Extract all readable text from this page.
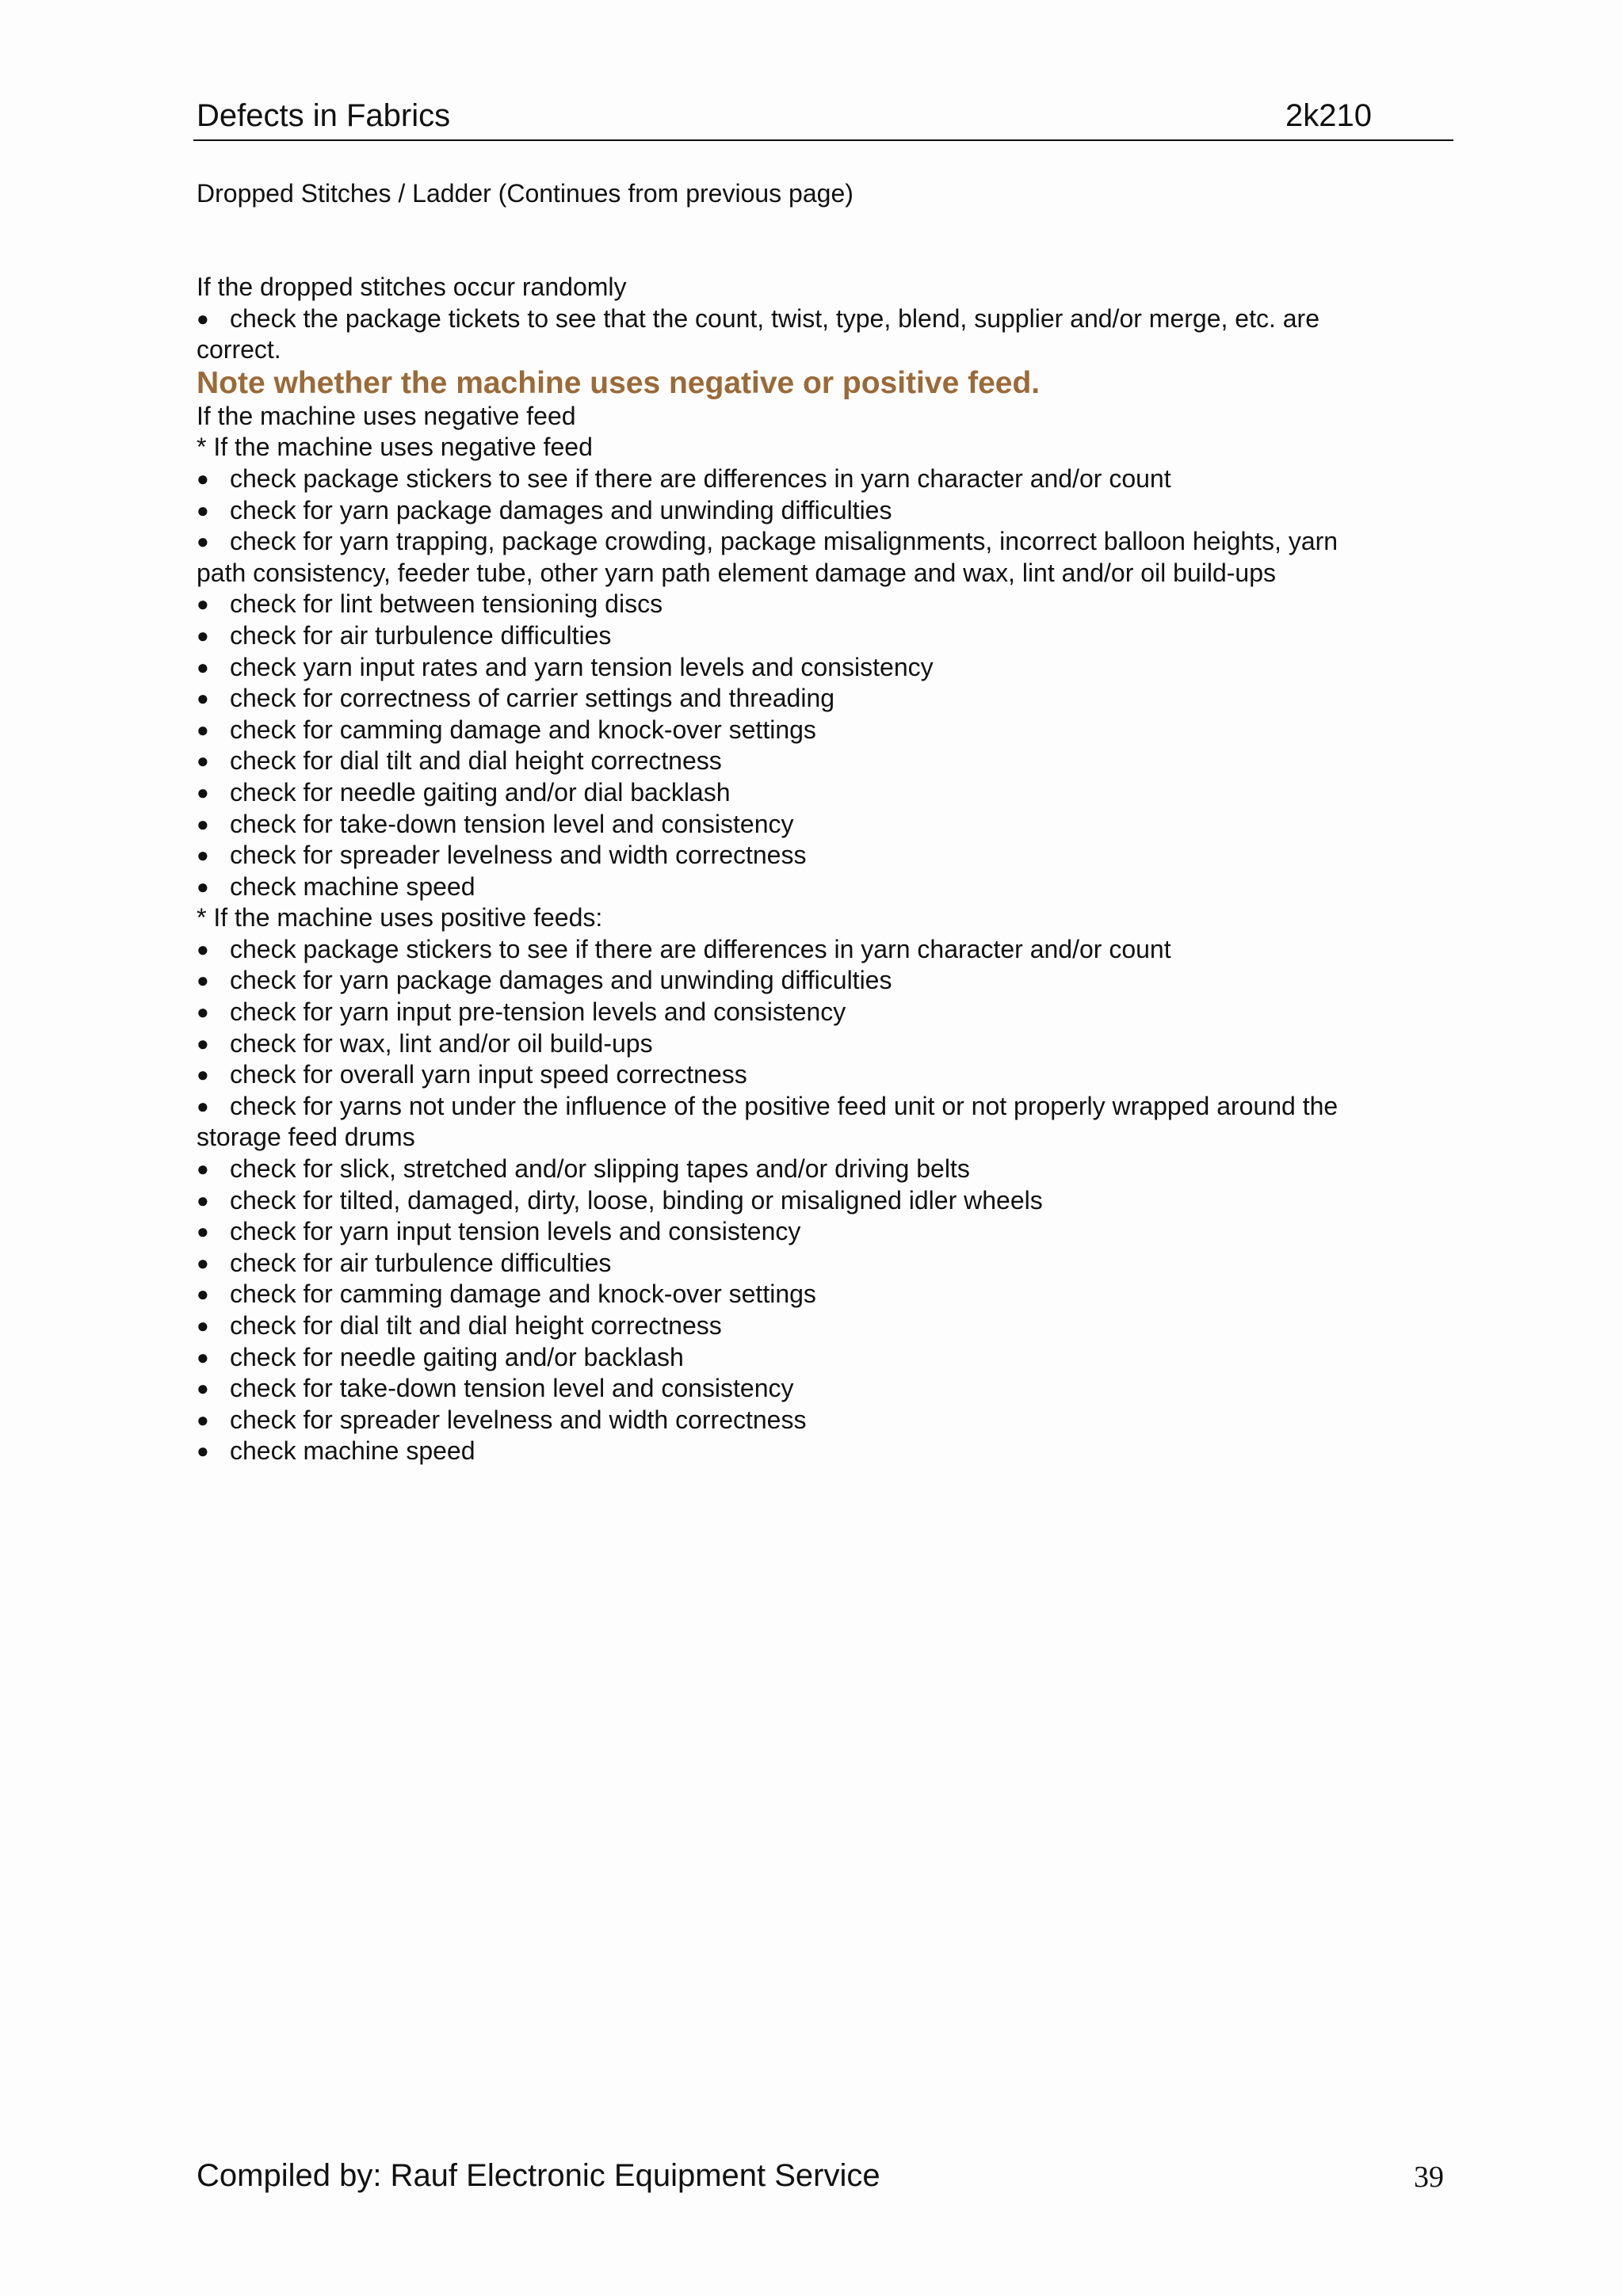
Defects in Fabrics	2k210
Dropped Stitches / Ladder (Continues from previous page)
If the dropped stitches occur randomly
● check the package tickets to see that the count, twist, type, blend, supplier and/or merge, etc. are
correct.
Note whether the machine uses negative or positive feed.
If the machine uses negative feed
* If the machine uses negative feed
● check package stickers to see if there are differences in yarn character and/or count
● check for yarn package damages and unwinding difficulties
● check for yarn trapping, package crowding, package misalignments, incorrect balloon heights, yarn
path consistency, feeder tube, other yarn path element damage and wax, lint and/or oil build-ups
● check for lint between tensioning discs
● check for air turbulence difficulties
● check yarn input rates and yarn tension levels and consistency
● check for correctness of carrier settings and threading
● check for camming damage and knock-over settings
● check for dial tilt and dial height correctness
● check for needle gaiting and/or dial backlash
● check for take-down tension level and consistency
● check for spreader levelness and width correctness
● check machine speed
* If the machine uses positive feeds:
● check package stickers to see if there are differences in yarn character and/or count
● check for yarn package damages and unwinding difficulties
● check for yarn input pre-tension levels and consistency
● check for wax, lint and/or oil build-ups
● check for overall yarn input speed correctness
● check for yarns not under the influence of the positive feed unit or not properly wrapped around the
storage feed drums
● check for slick, stretched and/or slipping tapes and/or driving belts
● check for tilted, damaged, dirty, loose, binding or misaligned idler wheels
● check for yarn input tension levels and consistency
● check for air turbulence difficulties
● check for camming damage and knock-over settings
● check for dial tilt and dial height correctness
● check for needle gaiting and/or backlash
● check for take-down tension level and consistency
● check for spreader levelness and width correctness
● check machine speed
Compiled by: Rauf Electronic Equipment Service	39
